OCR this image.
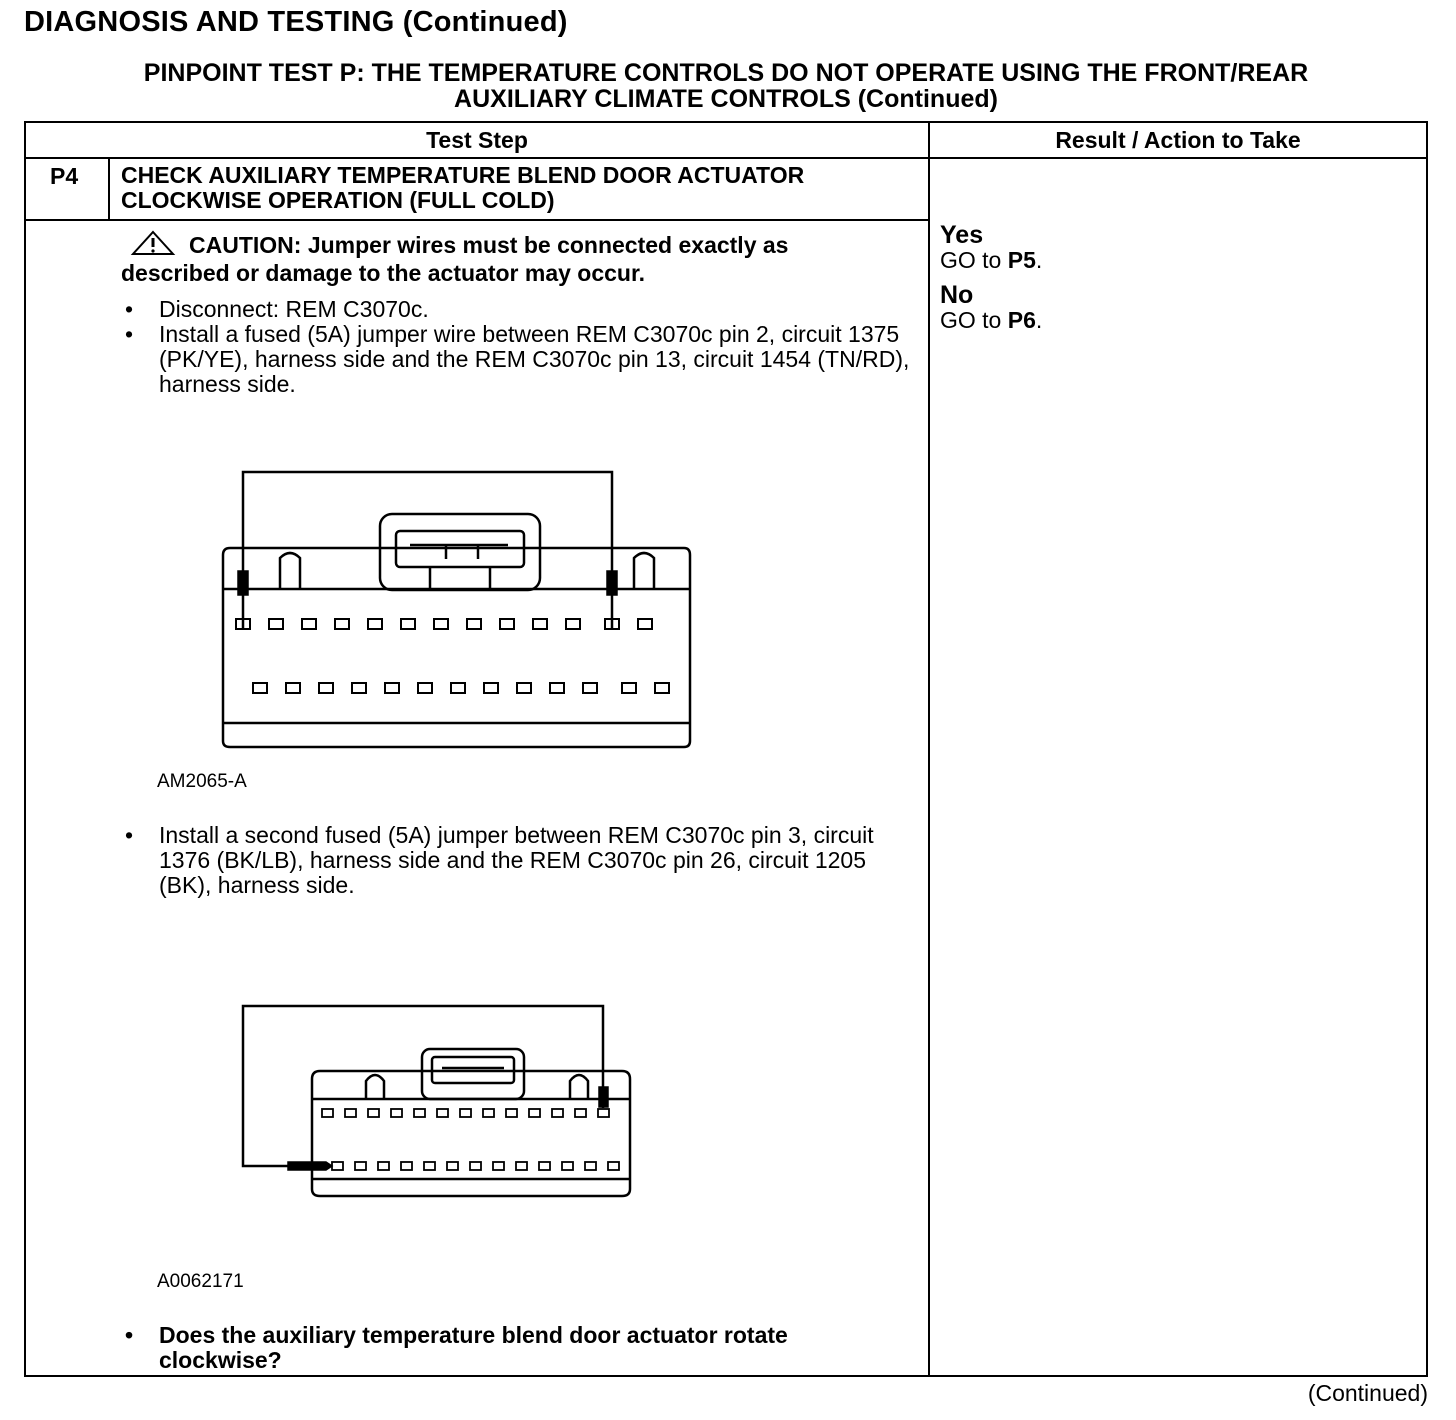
DIAGNOSIS AND TESTING (Continued)
PINPOINT TEST P: THE TEMPERATURE CONTROLS DO NOT OPERATE USING THE FRONT/REAR
AUXILIARY CLIMATE CONTROLS (Continued)
Test Step	Result / Action to Take
P4 CHECK AUXILIARY TEMPERATURE BLEND DOOR ACTUATOR
CLOCKWISE OPERATION (FULL COLD)
CAUTION: Jumper wires must be connected exactly as
described or damage to the actuator may occur.
• Disconnect: REM C3070c.
• Install a fused (5A) jumper wire between REM C3070c pin 2, circuit 1375 (PK/YE), harness side and the REM C3070c pin 13, circuit 1454 (TN/RD), harness side.
AM2065-A
• Install a second fused (5A) jumper between REM C3070c pin 3, circuit 1376 (BK/LB), harness side and the REM C3070c pin 26, circuit 1205 (BK), harness side.
A0062171
• Does the auxiliary temperature blend door actuator rotate clockwise?
Yes
GO to P5.
No
GO to P6.
(Continued)
